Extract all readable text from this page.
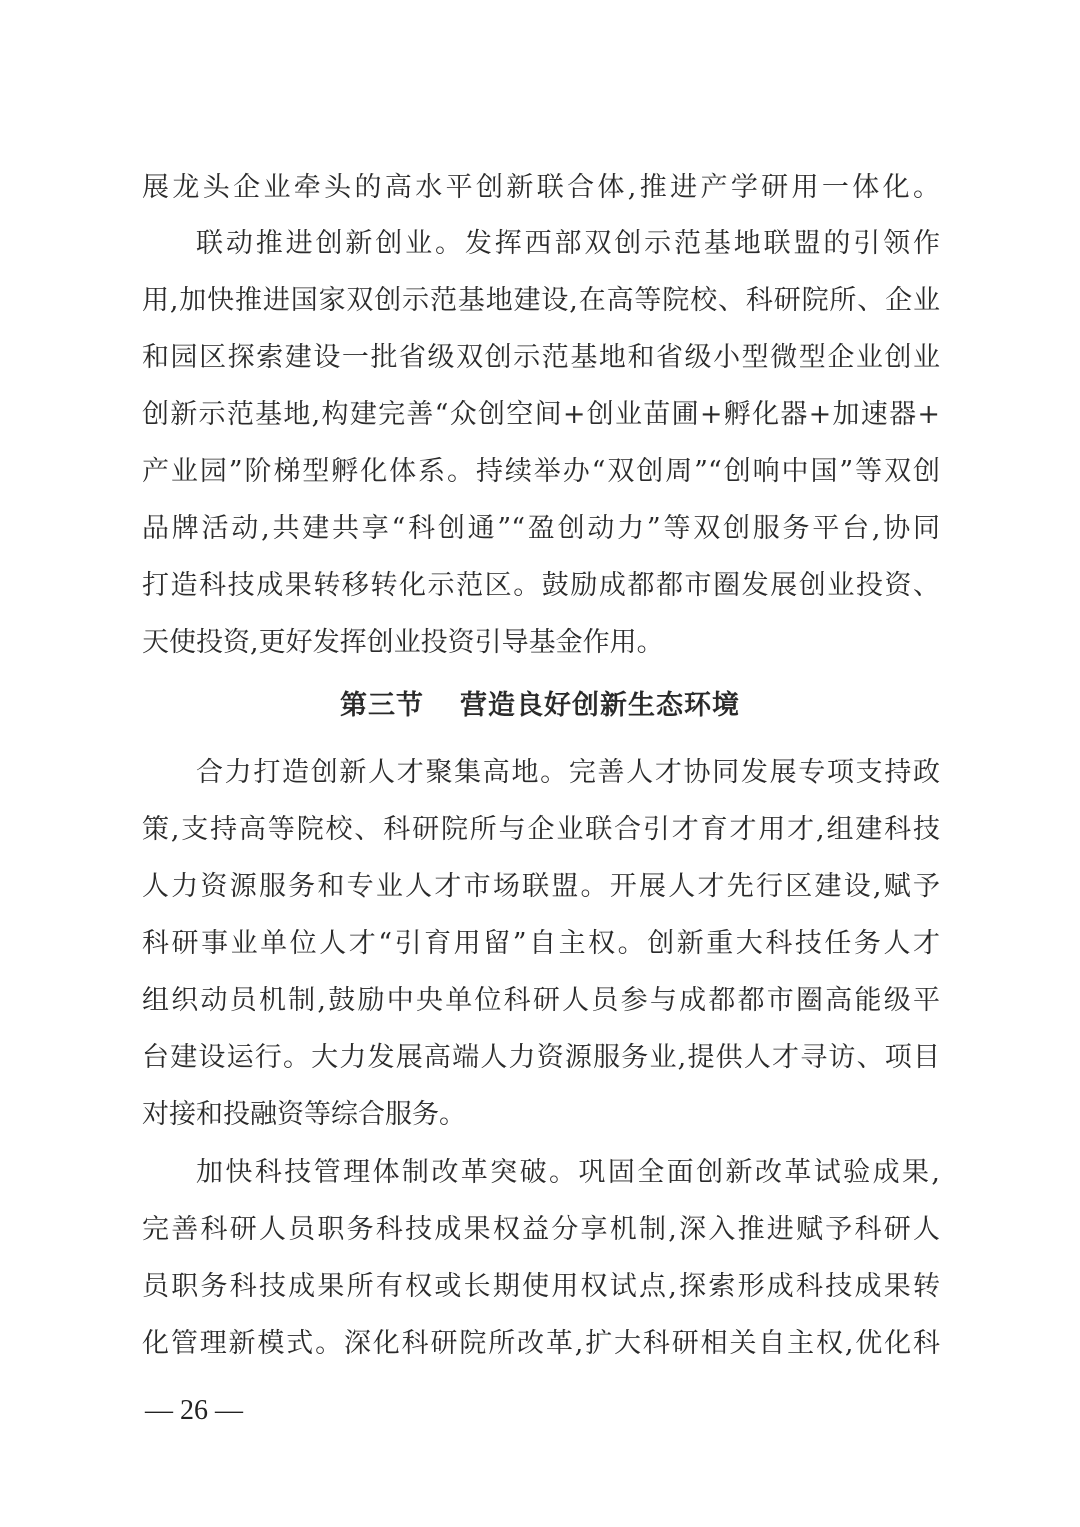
展龙头企业牵头的高水平创新联合体,推进产学研用一体化。
联动推进创新创业。发挥西部双创示范基地联盟的引领作
用,加快推进国家双创示范基地建设,在高等院校、科研院所、企业
和园区探索建设一批省级双创示范基地和省级小型微型企业创业
创新示范基地,构建完善“众创空间+创业苗圃+孵化器+加速器+
产业园”阶梯型孵化体系。持续举办“双创周”“创响中国”等双创
品牌活动,共建共享“科创通”“盈创动力”等双创服务平台,协同
打造科技成果转移转化示范区。鼓励成都都市圈发展创业投资、
天使投资,更好发挥创业投资引导基金作用。
第三节 营造良好创新生态环境
合力打造创新人才聚集高地。完善人才协同发展专项支持政
策,支持高等院校、科研院所与企业联合引才育才用才,组建科技
人力资源服务和专业人才市场联盟。开展人才先行区建设,赋予
科研事业单位人才“引育用留”自主权。创新重大科技任务人才
组织动员机制,鼓励中央单位科研人员参与成都都市圈高能级平
台建设运行。大力发展高端人力资源服务业,提供人才寻访、项目
对接和投融资等综合服务。
加快科技管理体制改革突破。巩固全面创新改革试验成果,
完善科研人员职务科技成果权益分享机制,深入推进赋予科研人
员职务科技成果所有权或长期使用权试点,探索形成科技成果转
化管理新模式。深化科研院所改革,扩大科研相关自主权,优化科
— 26 —
